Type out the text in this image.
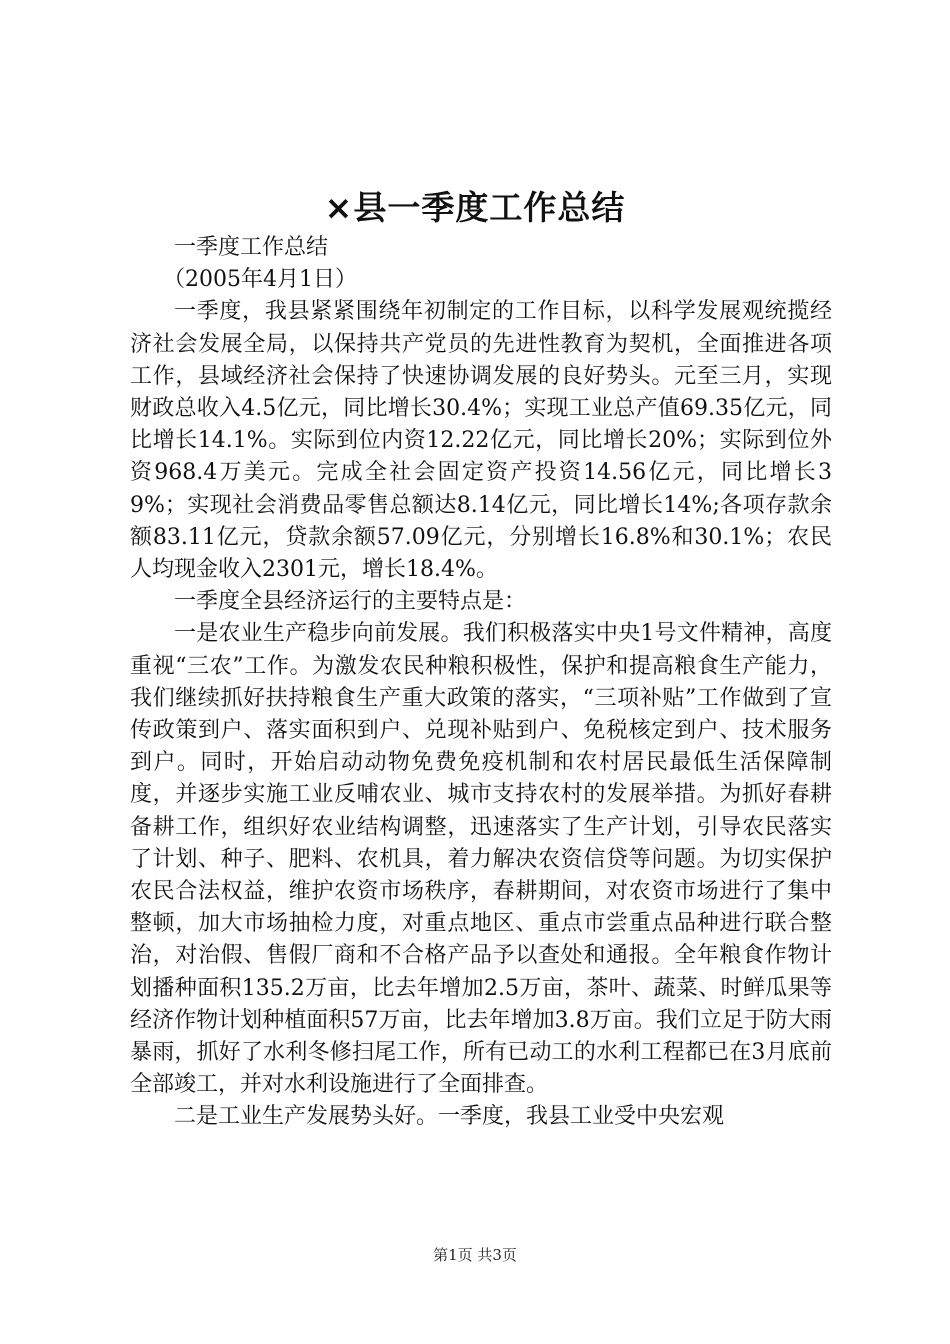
×县一季度工作总结

一季度工作总结

（2005年4月1日）

一季度，我县紧紧围绕年初制定的工作目标，以科学发展观统揽经济社会发展全局，以保持共产党员的先进性教育为契机，全面推进各项工作，县域经济社会保持了快速协调发展的良好势头。元至三月，实现财政总收入4.5亿元，同比增长30.4%；实现工业总产值69.35亿元，同比增长14.1%。实际到位内资12.22亿元，同比增长20%；实际到位外资968.4万美元。完成全社会固定资产投资14.56亿元，同比增长39%；实现社会消费品零售总额达8.14亿元，同比增长14%;各项存款余额83.11亿元，贷款余额57.09亿元，分别增长16.8%和30.1%；农民人均现金收入2301元，增长18.4%。

一季度全县经济运行的主要特点是：

一是农业生产稳步向前发展。我们积极落实中央1号文件精神，高度重视“三农”工作。为激发农民种粮积极性，保护和提高粮食生产能力，我们继续抓好扶持粮食生产重大政策的落实，“三项补贴”工作做到了宣传政策到户、落实面积到户、兑现补贴到户、免税核定到户、技术服务到户。同时，开始启动动物免费免疫机制和农村居民最低生活保障制度，并逐步实施工业反哺农业、城市支持农村的发展举措。为抓好春耕备耕工作，组织好农业结构调整，迅速落实了生产计划，引导农民落实了计划、种子、肥料、农机具，着力解决农资信贷等问题。为切实保护农民合法权益，维护农资市场秩序，春耕期间，对农资市场进行了集中整顿，加大市场抽检力度，对重点地区、重点市尝重点品种进行联合整治，对治假、售假厂商和不合格产品予以查处和通报。全年粮食作物计划播种面积135.2万亩，比去年增加2.5万亩，茶叶、蔬菜、时鲜瓜果等经济作物计划种植面积57万亩，比去年增加3.8万亩。我们立足于防大雨暴雨，抓好了水利冬修扫尾工作，所有已动工的水利工程都已在3月底前全部竣工，并对水利设施进行了全面排查。

二是工业生产发展势头好。一季度，我县工业受中央宏观

第1页 共3页
